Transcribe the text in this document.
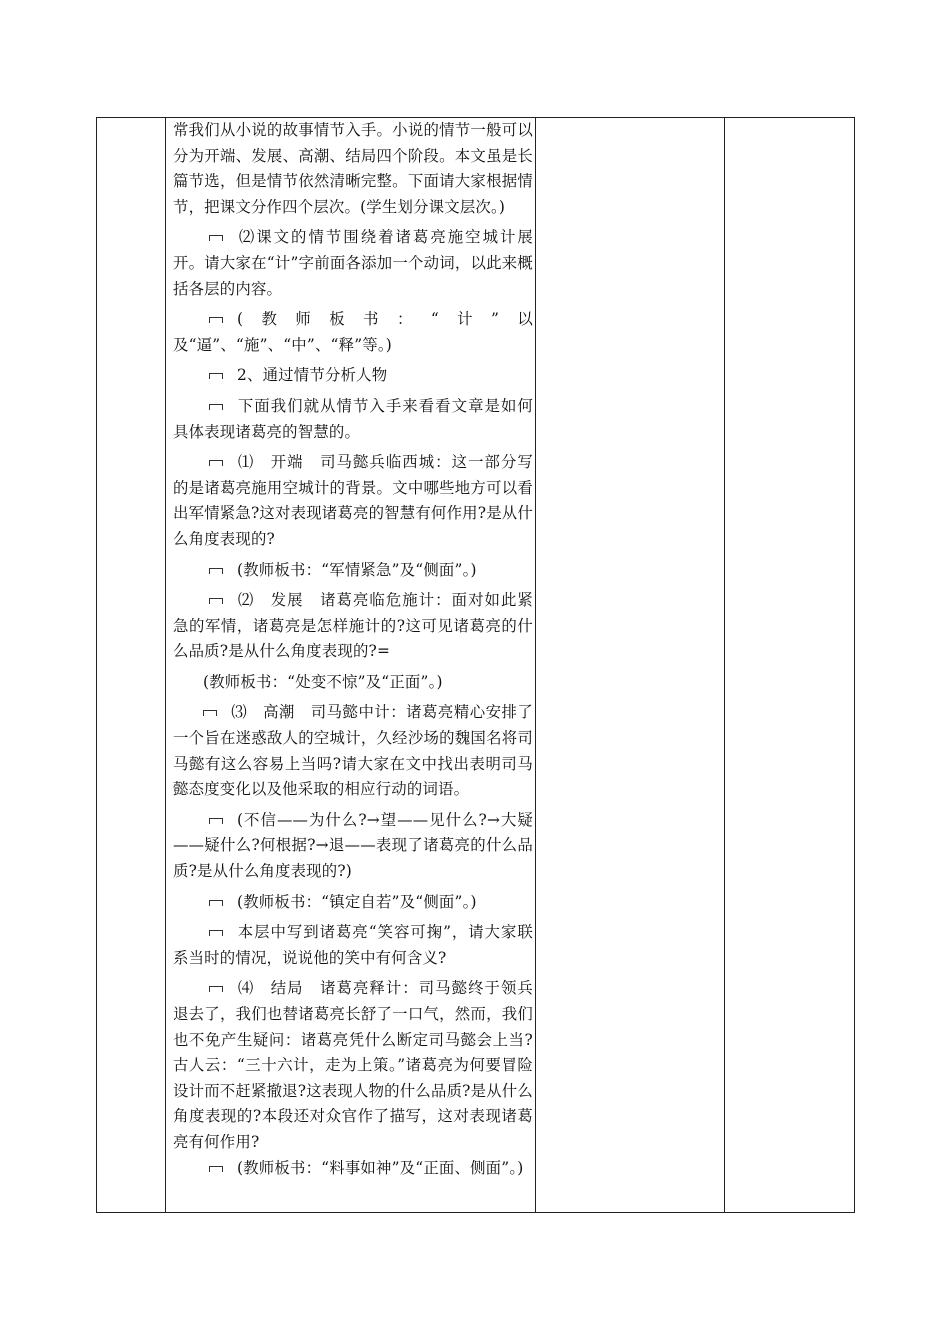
常我们从小说的故事情节入手。小说的情节一般可以分为开端、发展、高潮、结局四个阶段。本文虽是长篇节选，但是情节依然清晰完整。下面请大家根据情节，把课文分作四个层次。(学生划分课文层次。)

⑵课文的情节围绕着诸葛亮施空城计展开。请大家在“计”字前面各添加一个动词，以此来概括各层的内容。

(教师板书：“计”以及“逼”、“施”、“中”、“释”等。)

2、通过情节分析人物

下面我们就从情节入手来看看文章是如何具体表现诸葛亮的智慧的。

⑴　开端　司马懿兵临西城：这一部分写的是诸葛亮施用空城计的背景。文中哪些地方可以看出军情紧急?这对表现诸葛亮的智慧有何作用?是从什么角度表现的?

(教师板书：“军情紧急”及“侧面”。)

⑵　发展　诸葛亮临危施计：面对如此紧急的军情，诸葛亮是怎样施计的?这可见诸葛亮的什么品质?是从什么角度表现的?=

(教师板书：“处变不惊”及“正面”。)

⑶　高潮　司马懿中计：诸葛亮精心安排了一个旨在迷惑敌人的空城计，久经沙场的魏国名将司马懿有这么容易上当吗?请大家在文中找出表明司马懿态度变化以及他采取的相应行动的词语。

(不信——为什么?→望——见什么?→大疑——疑什么?何根据?→退——表现了诸葛亮的什么品质?是从什么角度表现的?)

(教师板书：“镇定自若”及“侧面”。)

本层中写到诸葛亮“笑容可掬”，请大家联系当时的情况，说说他的笑中有何含义?

⑷　结局　诸葛亮释计：司马懿终于领兵退去了，我们也替诸葛亮长舒了一口气，然而，我们也不免产生疑问：诸葛亮凭什么断定司马懿会上当?古人云：“三十六计，走为上策。”诸葛亮为何要冒险设计而不赶紧撤退?这表现人物的什么品质?是从什么角度表现的?本段还对众官作了描写，这对表现诸葛亮有何作用?

(教师板书：“料事如神”及“正面、侧面”。)
